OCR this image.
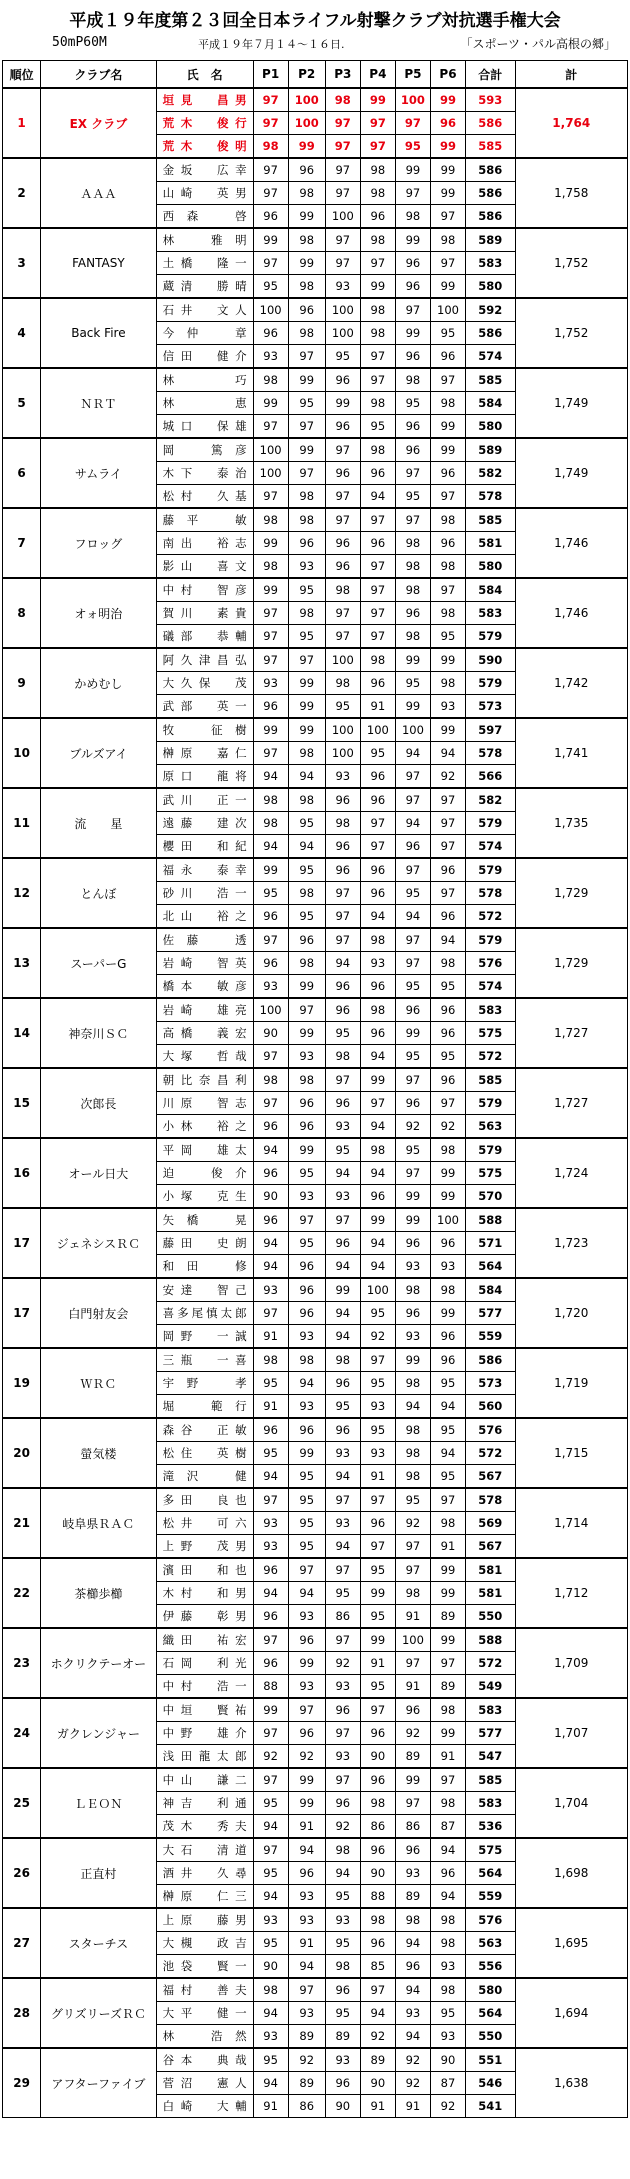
平成１９年度第２３回全日本ライフル射撃クラブ対抗選手権大会
50mP60M	平成１９年７月１４～１６日.	「スポーツ・パル高根の郷」
順位	クラブ名	氏　名	P1	P2	P3	P4	P5	P6	合計	計
1	EX クラブ	垣見　昌男	97	100	98	99	100	99	593	1,764
		荒木　俊行	97	100	97	97	97	96	586	
		荒木　俊明	98	99	97	97	95	99	585	
2	ＡＡＡ	金坂　広幸	97	96	97	98	99	99	586	1,758
		山崎　英男	97	98	97	98	97	99	586	
		西森　啓	96	99	100	96	98	97	586	
3	FANTASY	林　雅明	99	98	97	98	99	98	589	1,752
		土橋　隆一	97	99	97	97	96	97	583	
		蔵清　勝晴	95	98	93	99	96	99	580	
4	Back Fire	石井　文人	100	96	100	98	97	100	592	1,752
		今仲　章	96	98	100	98	99	95	586	
		信田　健介	93	97	95	97	96	96	574	
5	ＮＲＴ	林　巧	98	99	96	97	98	97	585	1,749
		林　恵	99	95	99	98	95	98	584	
		城口　保雄	97	97	96	95	96	99	580	
6	サムライ	岡　篤彦	100	99	97	98	96	99	589	1,749
		木下　泰治	100	97	96	96	97	96	582	
		松村　久基	97	98	97	94	95	97	578	
7	フロッグ	藤平　敏	98	98	97	97	97	98	585	1,746
		南出　裕志	99	96	96	96	98	96	581	
		影山　喜文	98	93	96	97	98	98	580	
8	オォ明治	中村　智彦	99	95	98	97	98	97	584	1,746
		賀川　素貴	97	98	97	97	96	98	583	
		礒部　恭輔	97	95	97	97	98	95	579	
9	かめむし	阿久津昌弘	97	97	100	98	99	99	590	1,742
		大久保　茂	93	99	98	96	95	98	579	
		武部　英一	96	99	95	91	99	93	573	
10	ブルズアイ	牧　征樹	99	99	100	100	100	99	597	1,741
		榊原　嘉仁	97	98	100	95	94	94	578	
		原口　龍将	94	94	93	96	97	92	566	
11	流　　星	武川　正一	98	98	96	96	97	97	582	1,735
		遠藤　建次	98	95	98	97	94	97	579	
		櫻田　和紀	94	94	96	97	96	97	574	
12	とんぼ	福永　泰幸	99	95	96	96	97	96	579	1,729
		砂川　浩一	95	98	97	96	95	97	578	
		北山　裕之	96	95	97	94	94	96	572	
13	スーパーG	佐藤　透	97	96	97	98	97	94	579	1,729
		岩崎　智英	96	98	94	93	97	98	576	
		橋本　敏彦	93	99	96	96	95	95	574	
14	神奈川ＳＣ	岩崎　雄亮	100	97	96	98	96	96	583	1,727
		高橋　義宏	90	99	95	96	99	96	575	
		大塚　哲哉	97	93	98	94	95	95	572	
15	次郎長	朝比奈昌利	98	98	97	99	97	96	585	1,727
		川原　智志	97	96	96	97	96	97	579	
		小林　裕之	96	96	93	94	92	92	563	
16	オール日大	平岡　雄太	94	99	95	98	95	98	579	1,724
		迫　俊介	96	95	94	94	97	99	575	
		小塚　克生	90	93	93	96	99	99	570	
17	ジェネシスＲＣ	矢橋　晃	96	97	97	99	99	100	588	1,723
		藤田　史朗	94	95	96	94	96	96	571	
		和田　修	94	96	94	94	93	93	564	
17	白門射友会	安達　智己	93	96	99	100	98	98	584	1,720
		喜多尾慎太郎	97	96	94	95	96	99	577	
		岡野　一誠	91	93	94	92	93	96	559	
19	ＷＲＣ	三瓶　一喜	98	98	98	97	99	96	586	1,719
		宇野　孝	95	94	96	95	98	95	573	
		堀　範行	91	93	95	93	94	94	560	
20	螢気楼	森谷　正敏	96	96	96	95	98	95	576	1,715
		松住　英樹	95	99	93	93	98	94	572	
		滝沢　健	94	95	94	91	98	95	567	
21	岐阜県ＲＡＣ	多田　良也	97	95	97	97	95	97	578	1,714
		松井　可六	93	95	93	96	92	98	569	
		上野　茂男	93	95	94	97	97	91	567	
22	茶櫛歩櫛	濱田　和也	96	97	97	95	97	99	581	1,712
		木村　和男	94	94	95	99	98	99	581	
		伊藤　彰男	96	93	86	95	91	89	550	
23	ホクリクテーオー	織田　祐宏	97	96	97	99	100	99	588	1,709
		石岡　利光	96	99	92	91	97	97	572	
		中村　浩一	88	93	93	95	91	89	549	
24	ガクレンジャー	中垣　賢祐	99	97	96	97	96	98	583	1,707
		中野　雄介	97	96	97	96	92	99	577	
		浅田龍太郎	92	92	93	90	89	91	547	
25	ＬＥＯＮ	中山　謙二	97	99	97	96	99	97	585	1,704
		神吉　利通	95	99	96	98	97	98	583	
		茂木　秀夫	94	91	92	86	86	87	536	
26	正直村	大石　清道	97	94	98	96	96	94	575	1,698
		酒井　久尋	95	96	94	90	93	96	564	
		榊原　仁三	94	93	95	88	89	94	559	
27	スターチス	上原　藤男	93	93	93	98	98	98	576	1,695
		大槻　政吉	95	91	95	96	94	98	563	
		池袋　賢一	90	94	98	85	96	93	556	
28	グリズリーズＲＣ	福村　善夫	98	97	96	97	94	98	580	1,694
		大平　健一	94	93	95	94	93	95	564	
		林　浩然	93	89	89	92	94	93	550	
29	アフターファイブ	谷本　典哉	95	92	93	89	92	90	551	1,638
		菅沼　憲人	94	89	96	90	92	87	546	
		白崎　大輔	91	86	90	91	91	92	541	
